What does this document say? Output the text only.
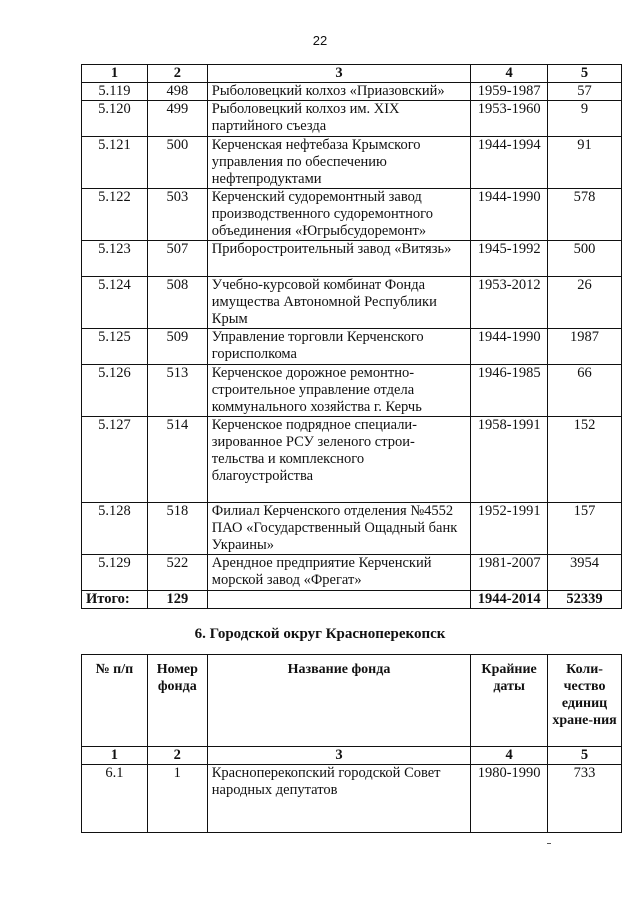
22
1	2	3	4	5
5.119	498	Рыболовецкий колхоз «Приазовский»	1959-1987	57
5.120	499	Рыболовецкий колхоз им. XIX партийного съезда	1953-1960	9
5.121	500	Керченская нефтебаза Крымского управления по обеспечению нефтепродуктами	1944-1994	91
5.122	503	Керченский судоремонтный завод производственного судоремонтного объединения «Югрыбсудоремонт»	1944-1990	578
5.123	507	Приборостроительный завод «Витязь»	1945-1992	500
5.124	508	Учебно-курсовой комбинат Фонда имущества Автономной Республики Крым	1953-2012	26
5.125	509	Управление торговли Керченского горисполкома	1944-1990	1987
5.126	513	Керченское дорожное ремонтно-строительное управление отдела коммунального хозяйства г. Керчь	1946-1985	66
5.127	514	Керченское подрядное специали-зированное РСУ зеленого строи-тельства и комплексного благоустройства	1958-1991	152
5.128	518	Филиал Керченского отделения №4552 ПАО «Государственный Ощадный банк Украины»	1952-1991	157
5.129	522	Арендное предприятие Керченский морской завод «Фрегат»	1981-2007	3954
Итого:	129		1944-2014	52339
6. Городской округ Красноперекопск
№ п/п	Номер фонда	Название фонда	Крайние даты	Коли-чество единиц хране-ния
1	2	3	4	5
6.1	1	Красноперекопский городской Совет народных депутатов	1980-1990	733
